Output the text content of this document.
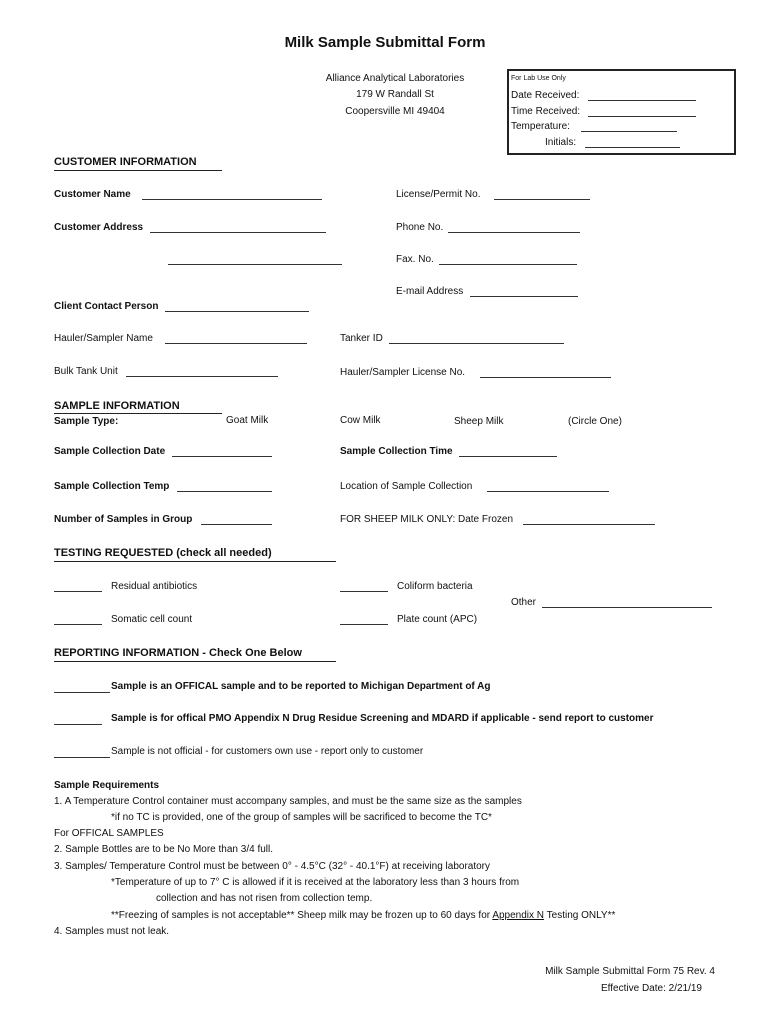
Milk Sample Submittal Form
Alliance Analytical Laboratories
179 W Randall St
Coopersville MI 49404
For Lab Use Only
Date Received:
Time Received:
Temperature:
Initials:
CUSTOMER INFORMATION
Customer Name	License/Permit No.
Customer Address	Phone No.
Fax. No.
E-mail Address
Client Contact Person
Hauler/Sampler Name	Tanker ID
Bulk Tank Unit	Hauler/Sampler License No.
SAMPLE INFORMATION
Sample Type:	Goat Milk	Cow Milk	Sheep Milk	(Circle One)
Sample Collection Date	Sample Collection Time
Sample Collection Temp	Location of Sample Collection
Number of Samples in Group	FOR SHEEP MILK ONLY: Date Frozen
TESTING REQUESTED (check all needed)
Residual antibiotics	Coliform bacteria
Other
Somatic cell count	Plate count (APC)
REPORTING INFORMATION - Check One Below
Sample is an OFFICAL sample and to be reported to Michigan Department of Ag
Sample is for offical PMO Appendix N Drug Residue Screening and MDARD if applicable - send report to customer
Sample is not official - for customers own use - report only to customer
Sample Requirements
1. A Temperature Control container must accompany samples, and must be the same size as the samples
*if no TC is provided, one of the group of samples will be sacrificed to become the TC*
For OFFICAL SAMPLES
2. Sample Bottles are to be No More than 3/4 full.
3. Samples/ Temperature Control must be between 0° - 4.5°C (32° - 40.1°F) at receiving laboratory
*Temperature of up to 7° C is allowed if it is received at the laboratory less than 3 hours from
collection and has not risen from collection temp.
**Freezing of samples is not acceptable** Sheep milk may be frozen up to 60 days for Appendix N Testing ONLY**
4. Samples must not leak.
Milk Sample Submittal Form 75 Rev. 4
Effective Date: 2/21/19
